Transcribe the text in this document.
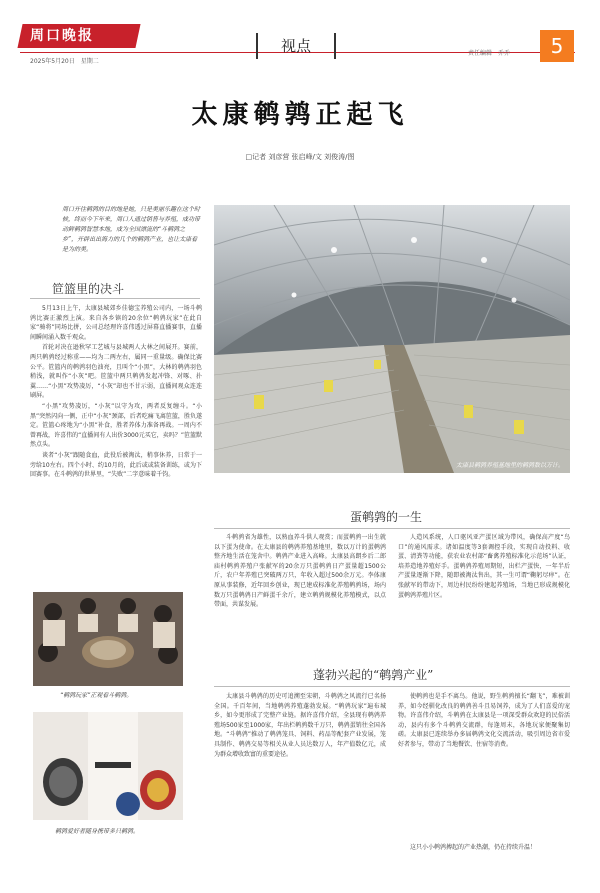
周口晚报
2025年5月20日　星期二
视点	责任编辑　乔乔	5
太康鹌鹑正起飞
□记者 刘彦营 张启峰/文 刘俊涛/图
周口开往鹌鹑的目的地是她，只是美丽乐趣在这个时候，终而今下年来，周口人通过销售与养殖，成功带动鲜鹌鹑智慧本地，成为全国漂流的“斗鹌鹑之乡”，开辟出出海力的几个的鹌鹑产业，也让太康看是为的美。
笸篮里的决斗

5月13日上午，太康县城郊乡佳德宝养殖公司内，一场斗鹌鹑比赛正激烈上演。来自各乡镇的20余位“鹌鹑玩家”在此自家“骑将”同场比拼，公司总经理许喜伟透过屏幕直播赛事，直播间瞬间涌入数千观众。

首轮对决在逊秋罕工艺城与县城两人大林之间展开。赛前，两只鹌鹑经过称重——均为二两左右，属同一重量级。确保比赛公平。笸篮内的鹌鹑羽色油亮，且叫个“小黑”，大林的鹌鹑羽色稍浅，就叫作“小灰”吧。笸篮中两只鹌鹑发起冲锋、对啄、扑翼……“小黑”攻势凌厉，“小灰”却也不甘示弱，直播间观众连连刷屏。

“小黑”攻势凌厉，“小灰”以守为攻，两者反复缠斗。“小黑”突然闪向一侧，正中“小灰”颈部，后者吃痛飞离笸篮，胜负遂定。笸篮心疼地为“小黑”补食，胜者养体力准备再战。一周内不曾再战，许喜伟的“直播间有人出价3000元买它，卖吗？”笸篮默然点头。

谈者“小灰”跟随食血，此役后被淘汰，稍事休养，日常于一旁给10左右。四个小时、约10月的，此后或或装备训练，或为下回赛事。在斗鹌鹑的世界里，“失败”二字意味着千钧。

太康县鹌鹑养殖基地里的鹌鹑数以万计。
蛋鹌鹑的一生
斗鹌鹑省为雄性，以熟血养斗供人观赏；而蛋鹌鹑一出生就以下蛋为使命。在太康县的鹌鹑养殖基地里，数以万计的蛋鹌鹑整齐地生活在笼舍中。鹌鹑产业进入高峰。太康县高朗乡后二郎庙村鹌鹑养殖户张献军的20余万只蛋鹌鹑日产蛋量超1500公斤，农户年养殖已突破两万只，年收入超过500余万元。李体康原从事装修，近年回乡创业，现已建成标准化养殖鹌鹑场，场内数万只蛋鹌鹑日产鲜蛋千余斤，建立鹌鹑规模化养殖模式，以点带面，共谋发展。
人造风系统，人口驱风亚产蛋区域为带风，确保高产度“鸟口”的通风需求。诸如温度等3套调控手段，实现自动投料、收蛋、清粪等功能，获农业农村部“畜禽养殖标准化示范场”认证，培养造地养殖好手。蛋鹌鹑养殖周期短，出栏产蛋快，一年半后产蛋量逐渐下降，随即被淘汰售出，其一生可谓“鞠躬尽瘁”。在张献军的带动下，周边村民纷纷建起养殖场，当地已形成规模化蛋鹌鹑养殖片区。
“鹌鹑玩家”正观看斗鹌鹑。
鹌鹑爱好者随身携带多只鹌鹑。
蓬勃兴起的“鹌鹑产业”
太康县斗鹌鹑的历史可追溯至宋朝，斗鹌鹑之风流行已名扬全国。千百年间，当地鹌鹑养殖蓬勃发展。“鹌鹑玩家”遍布城乡，如今更形成了完整产业链。据许喜伟介绍，全县现有鹌鹑养殖场500家至1000家，年出栏鹌鹑数千万只，鹌鹑蛋销往全国各地。“斗鹌鹑”推动了鹌鹑笼具、饲料、药品等配套产业发展，笼具制作、鹌鹑交易等相关从业人员达数万人，年产值数亿元，成为群众增收致富的重要途径。
使鹌鹑也是手不离鸟。他说，野生鹌鹑擅长“翻飞”，难被训养，如今经驯化改良的鹌鹑善斗且易饲养，成为了人们喜爱的宠物。许喜伟介绍，斗鹌鹑在太康县是一项深受群众欢迎的民俗活动，县内有多个斗鹌鹑交流群，每逢周末，各地玩家便聚集切磋。太康县已连续举办多届鹌鹑文化交流活动，吸引周边省市爱好者参与，带动了当地餐饮、住宿等消费。
这只小小鹌鹑搏起的产业热潮，仍在持续升温！
